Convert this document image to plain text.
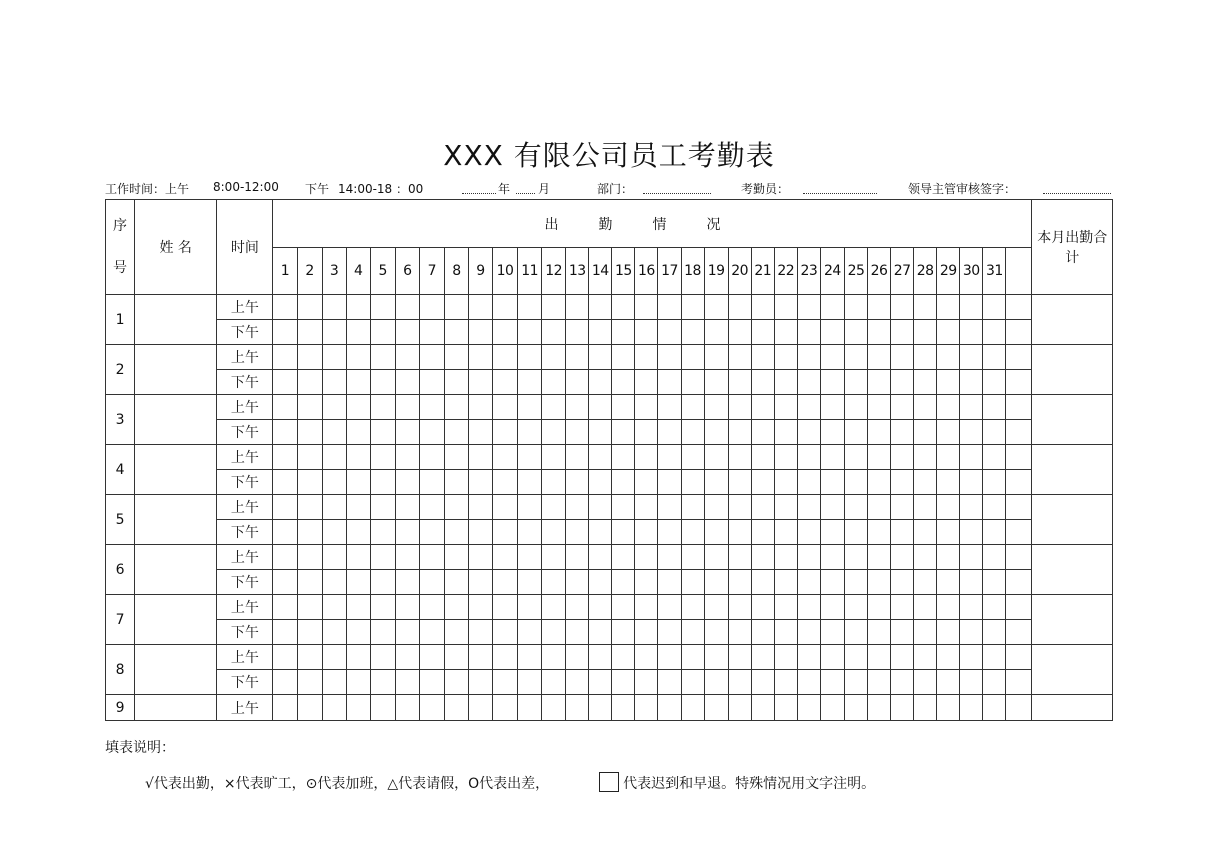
XXX 有限公司员工考勤表
工作时间：上午 8:00-12:00 下午 14:00-18 ：00	年 月	部门：	考勤员：	领导主管审核签字：
序
号	姓 名	时间	出勤情况																																本月出勤合计
			1	2	3	4	5	6	7	8	9	10	11	12	13	14	15	16	17	18	19	20	21	22	23	24	25	26	27	28	29	30	31		
1		上午																																	
		下午																																	
2		上午																																	
		下午																																	
3		上午																																	
		下午																																	
4		上午																																	
		下午																																	
5		上午																																	
		下午																																	
6		上午																																	
		下午																																	
7		上午																																	
		下午																																	
8		上午																																	
		下午																																	
9		上午																																	
填表说明：
√代表出勤，×代表旷工，⊙代表加班，△代表请假，O代表出差，	代表迟到和早退。特殊情况用文字注明。
